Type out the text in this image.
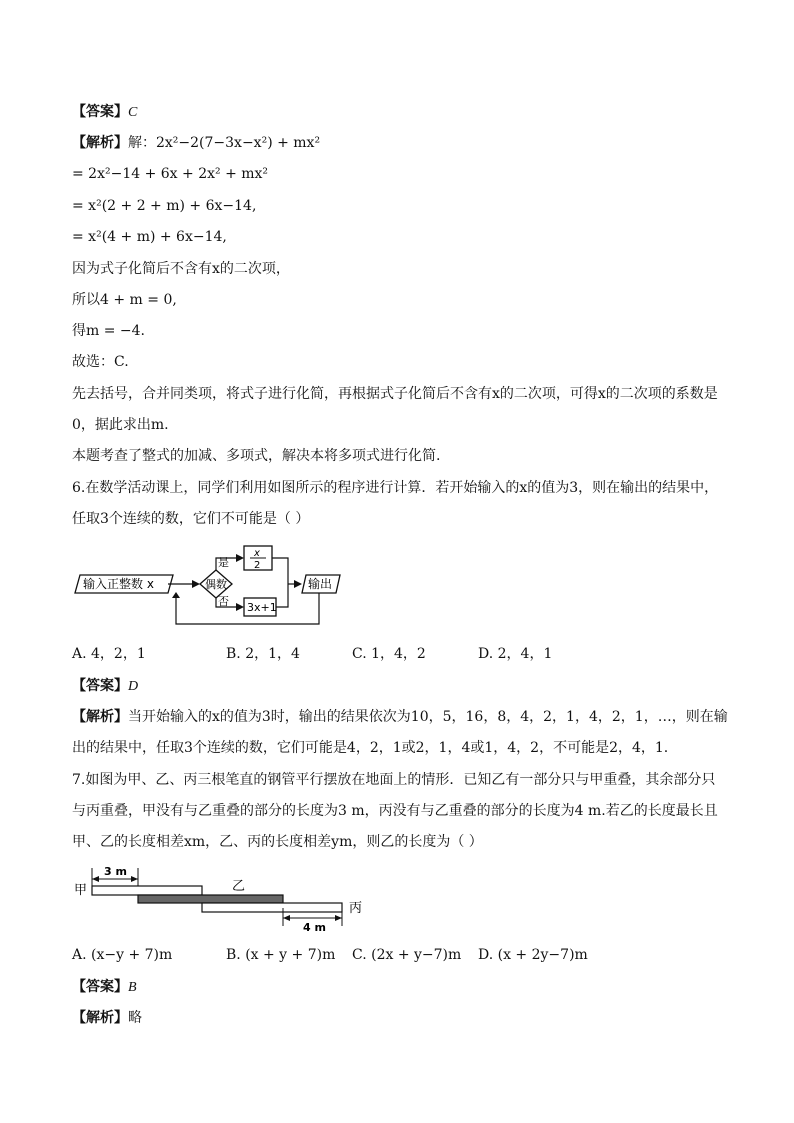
【答案】C
【解析】解：2x²−2(7−3x−x²) + mx²
= 2x²−14 + 6x + 2x² + mx²
= x²(2 + 2 + m) + 6x−14,
= x²(4 + m) + 6x−14,
因为式子化简后不含有x的二次项，
所以4 + m = 0,
得m = −4.
故选：C.
先去括号，合并同类项，将式子进行化简，再根据式子化简后不含有x的二次项，可得x的二次项的系数是
0，据此求出m.
本题考查了整式的加减、多项式，解决本将多项式进行化简.
6.在数学活动课上，同学们利用如图所示的程序进行计算．若开始输入的x的值为3，则在输出的结果中，
任取3个连续的数，它们不可能是（ ）
输入正整数 x	偶数
是
x
2
否 3x+1
输出
A. 4，2，1	B. 2，1，4	C. 1，4，2	D. 2，4，1
【答案】D
【解析】当开始输入的x的值为3时，输出的结果依次为10，5，16，8，4，2，1，4，2，1，…，则在输
出的结果中，任取3个连续的数，它们可能是4，2，1或2，1，4或1，4，2，不可能是2，4，1.
7.如图为甲、乙、丙三根笔直的钢管平行摆放在地面上的情形．已知乙有一部分只与甲重叠，其余部分只
与丙重叠，甲没有与乙重叠的部分的长度为3 m，丙没有与乙重叠的部分的长度为4 m.若乙的长度最长且
甲、乙的长度相差xm，乙、丙的长度相差ym，则乙的长度为（ ）
甲
3 m
乙
丙
4 m
A. (x−y + 7)m	B. (x + y + 7)m C. (2x + y−7)m D. (x + 2y−7)m
【答案】B
【解析】略
